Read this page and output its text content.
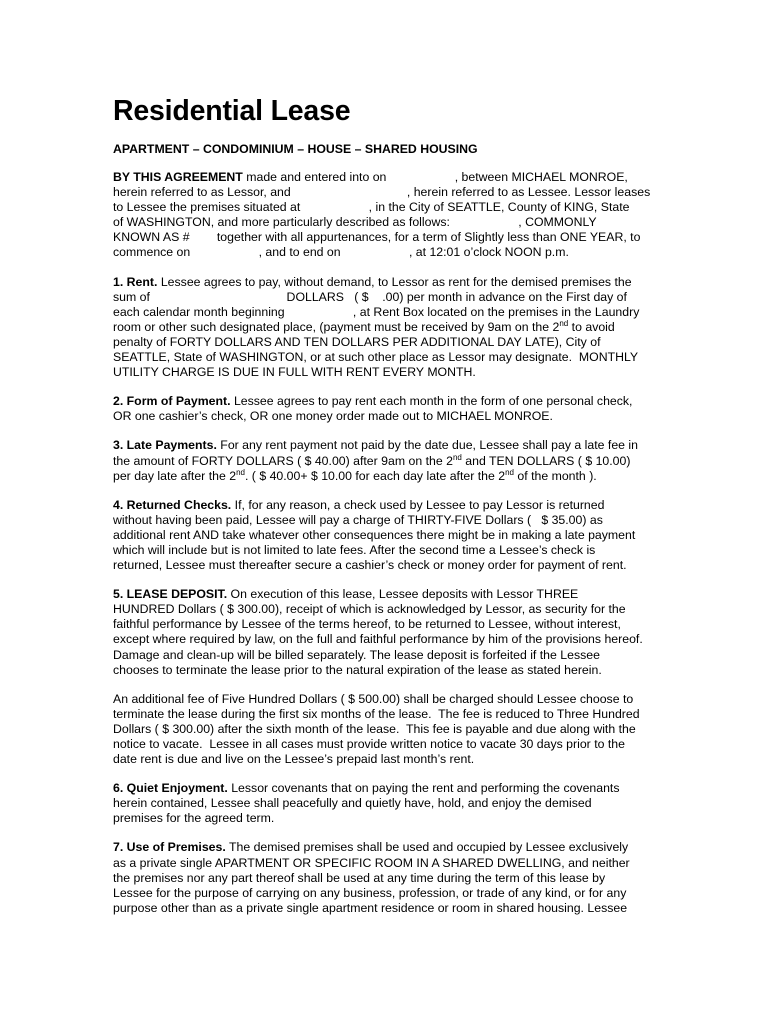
Residential Lease
APARTMENT – CONDOMINIUM – HOUSE – SHARED HOUSING
BY THIS AGREEMENT made and entered into on                    , between MICHAEL MONROE,
herein referred to as Lessor, and                                  , herein referred to as Lessee. Lessor leases
to Lessee the premises situated at                    , in the City of SEATTLE, County of KING, State
of WASHINGTON, and more particularly described as follows:                    , COMMONLY
KNOWN AS #        together with all appurtenances, for a term of Slightly less than ONE YEAR, to
commence on                    , and to end on                    , at 12:01 o’clock NOON p.m.
1. Rent. Lessee agrees to pay, without demand, to Lessor as rent for the demised premises the
sum of                                        DOLLARS   ( $    .00) per month in advance on the First day of
each calendar month beginning                    , at Rent Box located on the premises in the Laundry
room or other such designated place, (payment must be received by 9am on the 2nd to avoid
penalty of FORTY DOLLARS AND TEN DOLLARS PER ADDITIONAL DAY LATE), City of
SEATTLE, State of WASHINGTON, or at such other place as Lessor may designate.  MONTHLY
UTILITY CHARGE IS DUE IN FULL WITH RENT EVERY MONTH.
2. Form of Payment. Lessee agrees to pay rent each month in the form of one personal check,
OR one cashier’s check, OR one money order made out to MICHAEL MONROE.
3. Late Payments. For any rent payment not paid by the date due, Lessee shall pay a late fee in
the amount of FORTY DOLLARS ( $ 40.00) after 9am on the 2nd and TEN DOLLARS ( $ 10.00)
per day late after the 2nd. ( $ 40.00+ $ 10.00 for each day late after the 2nd of the month ).
4. Returned Checks. If, for any reason, a check used by Lessee to pay Lessor is returned
without having been paid, Lessee will pay a charge of THIRTY-FIVE Dollars (   $ 35.00) as
additional rent AND take whatever other consequences there might be in making a late payment
which will include but is not limited to late fees. After the second time a Lessee’s check is
returned, Lessee must thereafter secure a cashier’s check or money order for payment of rent.
5. LEASE DEPOSIT. On execution of this lease, Lessee deposits with Lessor THREE
HUNDRED Dollars ( $ 300.00), receipt of which is acknowledged by Lessor, as security for the
faithful performance by Lessee of the terms hereof, to be returned to Lessee, without interest,
except where required by law, on the full and faithful performance by him of the provisions hereof.
Damage and clean-up will be billed separately. The lease deposit is forfeited if the Lessee
chooses to terminate the lease prior to the natural expiration of the lease as stated herein.
An additional fee of Five Hundred Dollars ( $ 500.00) shall be charged should Lessee choose to
terminate the lease during the first six months of the lease.  The fee is reduced to Three Hundred
Dollars ( $ 300.00) after the sixth month of the lease.  This fee is payable and due along with the
notice to vacate.  Lessee in all cases must provide written notice to vacate 30 days prior to the
date rent is due and live on the Lessee’s prepaid last month’s rent.
6. Quiet Enjoyment. Lessor covenants that on paying the rent and performing the covenants
herein contained, Lessee shall peacefully and quietly have, hold, and enjoy the demised
premises for the agreed term.
7. Use of Premises. The demised premises shall be used and occupied by Lessee exclusively
as a private single APARTMENT OR SPECIFIC ROOM IN A SHARED DWELLING, and neither
the premises nor any part thereof shall be used at any time during the term of this lease by
Lessee for the purpose of carrying on any business, profession, or trade of any kind, or for any
purpose other than as a private single apartment residence or room in shared housing. Lessee
